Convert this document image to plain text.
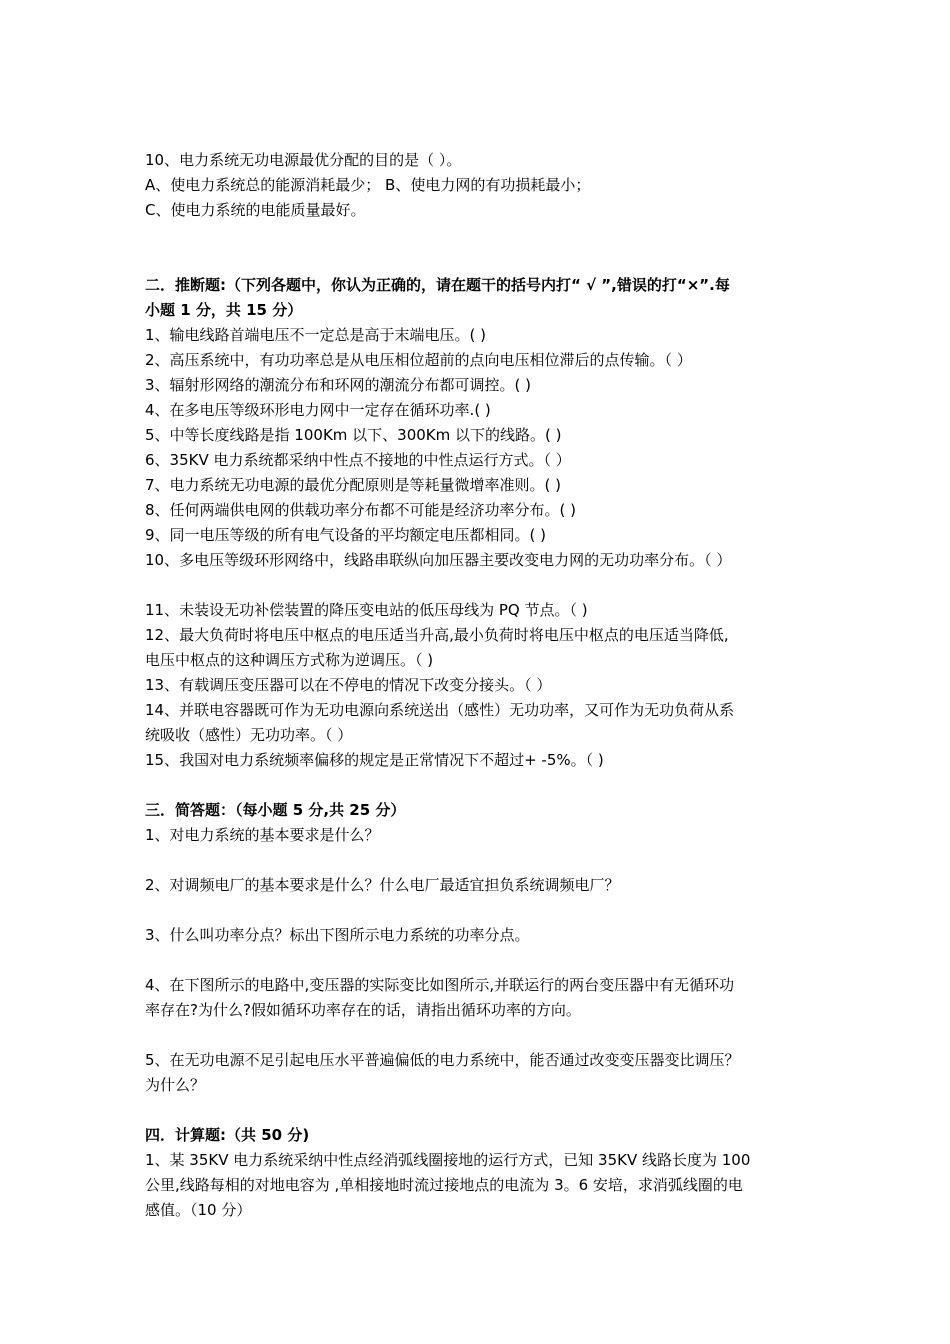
10、电力系统无功电源最优分配的目的是（ ）。
A、使电力系统总的能源消耗最少； B、使电力网的有功损耗最小；
C、使电力系统的电能质量最好。
二．推断题:（下列各题中，你认为正确的，请在题干的括号内打“ √ ”,错误的打“×”.每
小题 1 分，共 15 分）
1、输电线路首端电压不一定总是高于末端电压。( )
2、高压系统中，有功功率总是从电压相位超前的点向电压相位滞后的点传输。（ ）
3、辐射形网络的潮流分布和环网的潮流分布都可调控。( )
4、在多电压等级环形电力网中一定存在循环功率.( )
5、中等长度线路是指 100Km 以下、300Km 以下的线路。( )
6、35KV 电力系统都采纳中性点不接地的中性点运行方式。（ ）
7、电力系统无功电源的最优分配原则是等耗量微增率准则。( )
8、任何两端供电网的供载功率分布都不可能是经济功率分布。( )
9、同一电压等级的所有电气设备的平均额定电压都相同。( )
10、多电压等级环形网络中，线路串联纵向加压器主要改变电力网的无功功率分布。（ ）
11、未装设无功补偿装置的降压变电站的低压母线为 PQ 节点。（ )
12、最大负荷时将电压中枢点的电压适当升高,最小负荷时将电压中枢点的电压适当降低,
电压中枢点的这种调压方式称为逆调压。（ )
13、有载调压变压器可以在不停电的情况下改变分接头。（ ）
14、并联电容器既可作为无功电源向系统送出（感性）无功功率，又可作为无功负荷从系
统吸收（感性）无功功率。（ ）
15、我国对电力系统频率偏移的规定是正常情况下不超过+ -5%。（ )
三．简答题：（每小题 5 分,共 25 分）
1、对电力系统的基本要求是什么？
2、对调频电厂的基本要求是什么？什么电厂最适宜担负系统调频电厂？
3、什么叫功率分点？标出下图所示电力系统的功率分点。
4、在下图所示的电路中,变压器的实际变比如图所示,并联运行的两台变压器中有无循环功
率存在?为什么?假如循环功率存在的话，请指出循环功率的方向。
5、在无功电源不足引起电压水平普遍偏低的电力系统中，能否通过改变变压器变比调压？
为什么？
四．计算题:（共 50 分)
1、某 35KV 电力系统采纳中性点经消弧线圈接地的运行方式，已知 35KV 线路长度为 100
公里,线路每相的对地电容为 ,单相接地时流过接地点的电流为 3。6 安培，求消弧线圈的电
感值。（10 分）
